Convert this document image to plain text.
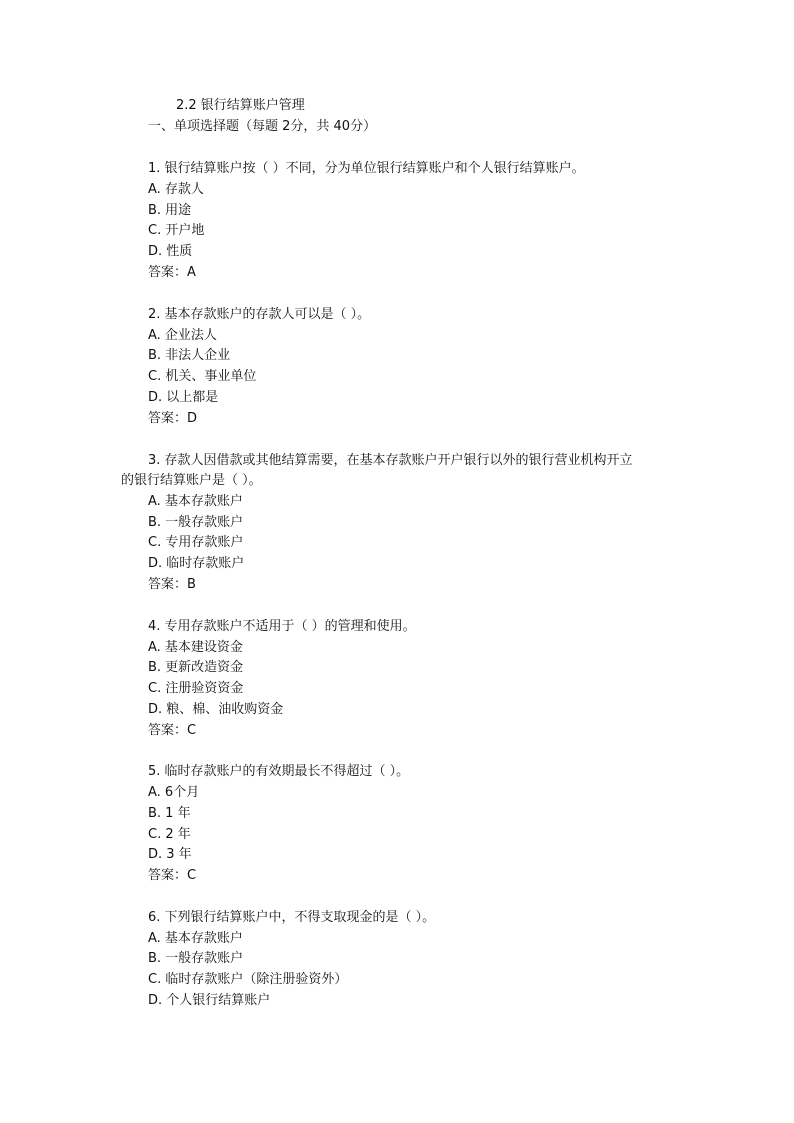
2.2 银行结算账户管理
一、单项选择题（每题 2分，共 40分）
1. 银行结算账户按（ ）不同，分为单位银行结算账户和个人银行结算账户。
A. 存款人
B. 用途
C. 开户地
D. 性质
答案：A
2. 基本存款账户的存款人可以是（ ）。
A. 企业法人
B. 非法人企业
C. 机关、事业单位
D. 以上都是
答案：D
3. 存款人因借款或其他结算需要，在基本存款账户开户银行以外的银行营业机构开立
的银行结算账户是（ ）。
A. 基本存款账户
B. 一般存款账户
C. 专用存款账户
D. 临时存款账户
答案：B
4. 专用存款账户不适用于（ ）的管理和使用。
A. 基本建设资金
B. 更新改造资金
C. 注册验资资金
D. 粮、棉、油收购资金
答案：C
5. 临时存款账户的有效期最长不得超过（ ）。
A. 6个月
B. 1 年
C. 2 年
D. 3 年
答案：C
6. 下列银行结算账户中，不得支取现金的是（ ）。
A. 基本存款账户
B. 一般存款账户
C. 临时存款账户（除注册验资外）
D. 个人银行结算账户
